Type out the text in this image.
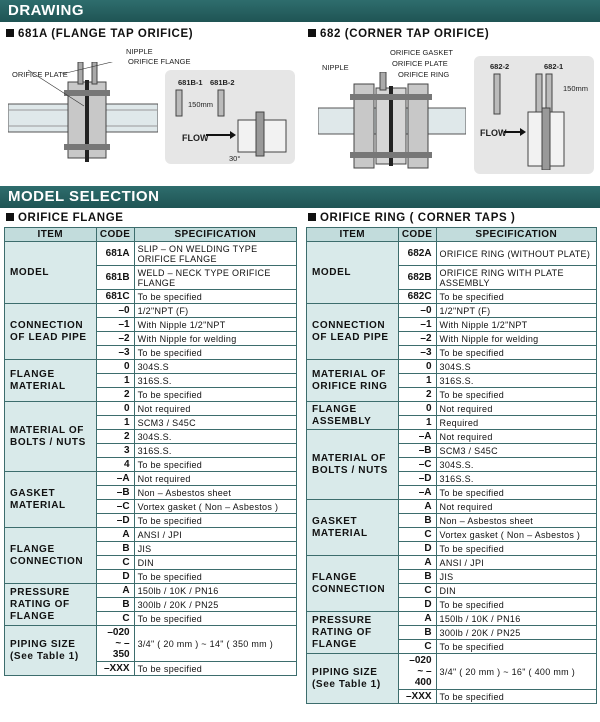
DRAWING
681A (FLANGE TAP ORIFICE)
NIPPLE
ORIFICE FLANGE
ORIFICE PLATE
681B-1 681B-2
150mm
FLOW
30°
682 (CORNER TAP ORIFICE)
ORIFICE GASKET
ORIFICE PLATE
ORIFICE RING
NIPPLE	682-2	682-1
150mm
FLOW
MODEL SELECTION
ORIFICE FLANGE	ORIFICE RING ( CORNER TAPS )
ITEM	CODE	SPECIFICATION
MODEL	681A	SLIP – ON WELDING TYPE ORIFICE FLANGE
	681B	WELD – NECK TYPE ORIFICE FLANGE
	681C	To be specified
CONNECTION OF LEAD PIPE	–0	1/2"NPT (F)
	–1	With Nipple 1/2"NPT
	–2	With Nipple for welding
	–3	To be specified
FLANGE MATERIAL	0	304S.S
	1	316S.S.
	2	To be specified
MATERIAL OF BOLTS / NUTS	0	Not required
	1	SCM3 / S45C
	2	304S.S.
	3	316S.S.
	4	To be specified
GASKET MATERIAL	–A	Not required
	–B	Non – Asbestos sheet
	–C	Vortex gasket ( Non – Asbestos )
	–D	To be specified
FLANGE CONNECTION	A	ANSI / JPI
	B	JIS
	C	DIN
	D	To be specified
PRESSURE RATING OF FLANGE	A	150lb / 10K / PN16
	B	300lb / 20K / PN25
	C	To be specified
PIPING SIZE (See Table 1)	–020 ~ –350	3/4" ( 20 mm ) ~ 14" ( 350 mm )
	–XXX	To be specified
ITEM	CODE	SPECIFICATION
MODEL	682A	ORIFICE RING (WITHOUT PLATE)
	682B	ORIFICE RING WITH PLATE ASSEMBLY
	682C	To be specified
CONNECTION OF LEAD PIPE	–0	1/2"NPT (F)
	–1	With Nipple 1/2"NPT
	–2	With Nipple for welding
	–3	To be specified
MATERIAL OF ORIFICE RING	0	304S.S
	1	316S.S.
	2	To be specified
FLANGE ASSEMBLY	0	Not required
	1	Required
MATERIAL OF BOLTS / NUTS	–A	Not required
	–B	SCM3 / S45C
	–C	304S.S.
	–D	316S.S.
	–A	To be specified
GASKET MATERIAL	A	Not required
	B	Non – Asbestos sheet
	C	Vortex gasket ( Non – Asbestos )
	D	To be specified
FLANGE CONNECTION	A	ANSI / JPI
	B	JIS
	C	DIN
	D	To be specified
PRESSURE RATING OF FLANGE	A	150lb / 10K / PN16
	B	300lb / 20K / PN25
	C	To be specified
PIPING SIZE (See Table 1)	–020 ~ –400	3/4" ( 20 mm ) ~ 16" ( 400 mm )
	–XXX	To be specified
